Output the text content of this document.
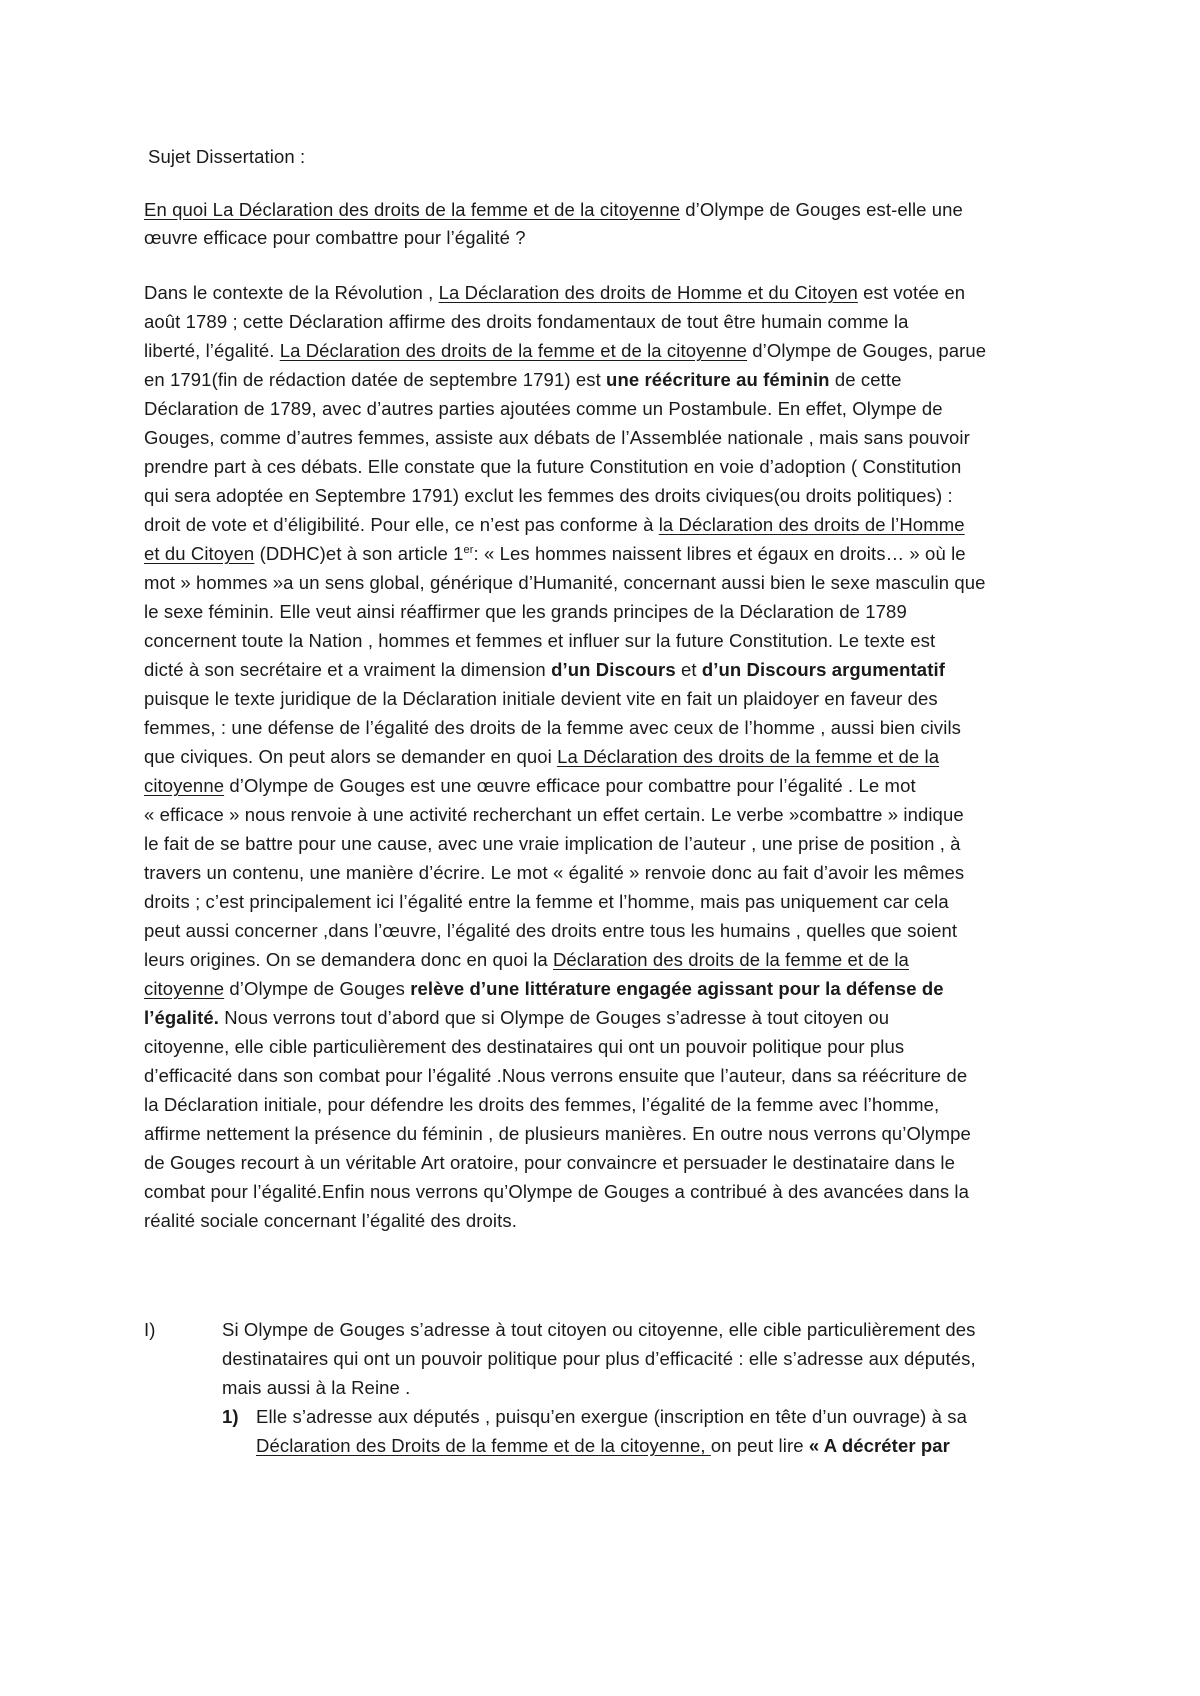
Sujet Dissertation :
En quoi La Déclaration des droits de la femme et de la citoyenne d’Olympe de Gouges est-elle une
œuvre efficace pour combattre pour l’égalité ?
Dans le contexte de la Révolution , La Déclaration des droits de Homme et du Citoyen est votée en
août 1789 ; cette Déclaration affirme des droits fondamentaux de tout être humain comme la
liberté, l’égalité. La Déclaration des droits de la femme et de la citoyenne d’Olympe de Gouges, parue
en 1791(fin de rédaction datée de septembre 1791) est une réécriture au féminin de cette
Déclaration de 1789, avec d’autres parties ajoutées comme un Postambule. En effet, Olympe de
Gouges, comme d’autres femmes, assiste aux débats de l’Assemblée nationale , mais sans pouvoir
prendre part à ces débats. Elle constate que la future Constitution en voie d’adoption ( Constitution
qui sera adoptée en Septembre 1791) exclut les femmes des droits civiques(ou droits politiques) :
droit de vote et d’éligibilité. Pour elle, ce n’est pas conforme à la Déclaration des droits de l’Homme
et du Citoyen (DDHC)et à son article 1er: « Les hommes naissent libres et égaux en droits… » où le
mot » hommes »a un sens global, générique d’Humanité, concernant aussi bien le sexe masculin que
le sexe féminin. Elle veut ainsi réaffirmer que les grands principes de la Déclaration de 1789
concernent toute la Nation , hommes et femmes et influer sur la future Constitution. Le texte est
dicté à son secrétaire et a vraiment la dimension d’un Discours et d’un Discours argumentatif
puisque le texte juridique de la Déclaration initiale devient vite en fait un plaidoyer en faveur des
femmes, : une défense de l’égalité des droits de la femme avec ceux de l’homme , aussi bien civils
que civiques. On peut alors se demander en quoi La Déclaration des droits de la femme et de la
citoyenne d’Olympe de Gouges est une œuvre efficace pour combattre pour l’égalité . Le mot
« efficace » nous renvoie à une activité recherchant un effet certain. Le verbe »combattre » indique
le fait de se battre pour une cause, avec une vraie implication de l’auteur , une prise de position , à
travers un contenu, une manière d’écrire. Le mot « égalité » renvoie donc au fait d’avoir les mêmes
droits ; c’est principalement ici l’égalité entre la femme et l’homme, mais pas uniquement car cela
peut aussi concerner ,dans l’œuvre, l’égalité des droits entre tous les humains , quelles que soient
leurs origines. On se demandera donc en quoi la Déclaration des droits de la femme et de la
citoyenne d’Olympe de Gouges relève d’une littérature engagée agissant pour la défense de
l’égalité. Nous verrons tout d’abord que si Olympe de Gouges s’adresse à tout citoyen ou
citoyenne, elle cible particulièrement des destinataires qui ont un pouvoir politique pour plus
d’efficacité dans son combat pour l’égalité .Nous verrons ensuite que l’auteur, dans sa réécriture de
la Déclaration initiale, pour défendre les droits des femmes, l’égalité de la femme avec l’homme,
affirme nettement la présence du féminin , de plusieurs manières. En outre nous verrons qu’Olympe
de Gouges recourt à un véritable Art oratoire, pour convaincre et persuader le destinataire dans le
combat pour l’égalité.Enfin nous verrons qu’Olympe de Gouges a contribué à des avancées dans la
réalité sociale concernant l’égalité des droits.
I)	Si Olympe de Gouges s’adresse à tout citoyen ou citoyenne, elle cible particulièrement des
destinataires qui ont un pouvoir politique pour plus d’efficacité : elle s’adresse aux députés,
mais aussi à la Reine .
1) Elle s’adresse aux députés , puisqu’en exergue (inscription en tête d’un ouvrage) à sa
Déclaration des Droits de la femme et de la citoyenne, on peut lire « A décréter par
